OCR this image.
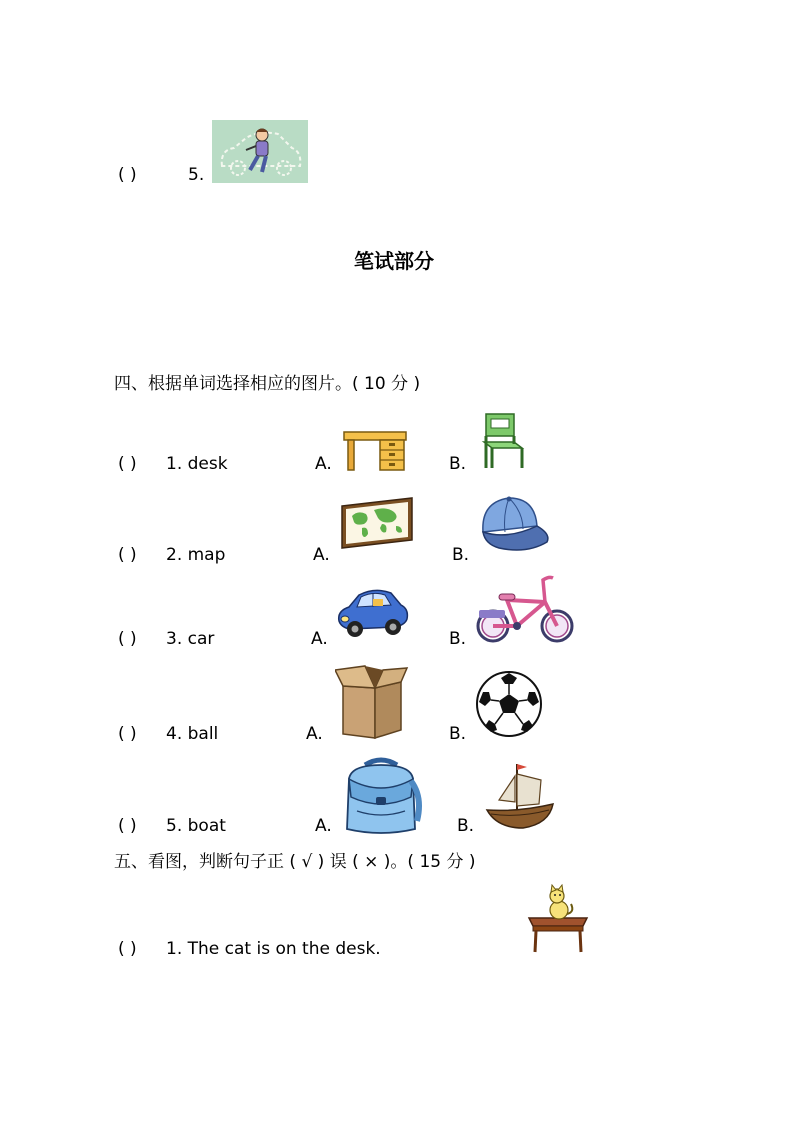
( )	5.
笔试部分
四、根据单词选择相应的图片。( 10 分 )
( ) 1. desk	A.	B.
( ) 2. map	A.	B.
( ) 3. car	A.	B.
( ) 4. ball	A.	B.
( ) 5. boat	A.	B.
五、看图，判断句子正 ( √ ) 误 ( × )。( 15 分 )
( ) 1. The cat is on the desk.
